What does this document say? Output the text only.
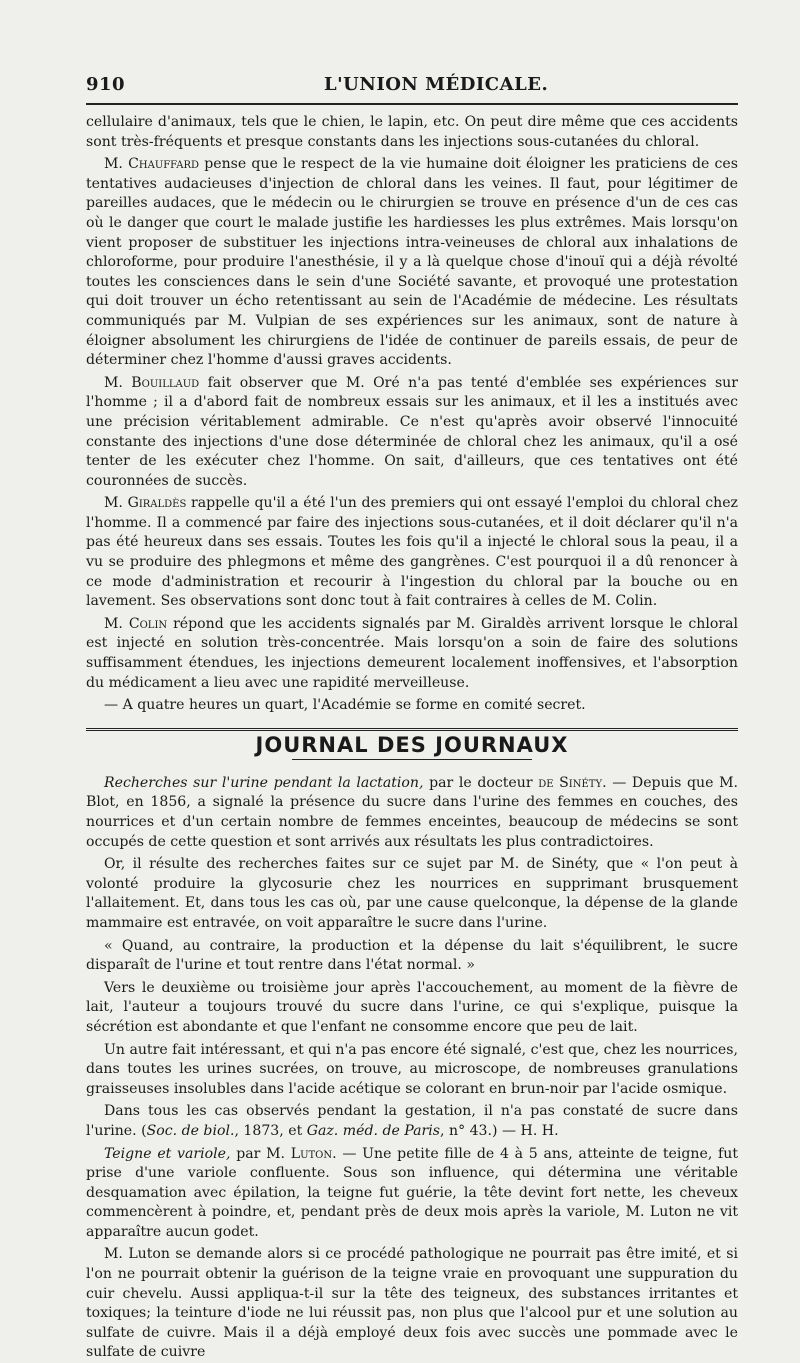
910	L'UNION MÉDICALE.

cellulaire d'animaux, tels que le chien, le lapin, etc. On peut dire même que ces accidents sont très-fréquents et presque constants dans les injections sous-cutanées du chloral.

M. Chauffard pense que le respect de la vie humaine doit éloigner les praticiens de ces tentatives audacieuses d'injection de chloral dans les veines. Il faut, pour légitimer de pareilles audaces, que le médecin ou le chirurgien se trouve en présence d'un de ces cas où le danger que court le malade justifie les hardiesses les plus extrêmes. Mais lorsqu'on vient proposer de substituer les injections intra-veineuses de chloral aux inhalations de chloroforme, pour produire l'anesthésie, il y a là quelque chose d'inouï qui a déjà révolté toutes les consciences dans le sein d'une Société savante, et provoqué une protestation qui doit trouver un écho retentissant au sein de l'Académie de médecine. Les résultats communiqués par M. Vulpian de ses expériences sur les animaux, sont de nature à éloigner absolument les chirurgiens de l'idée de continuer de pareils essais, de peur de déterminer chez l'homme d'aussi graves accidents.

M. Bouillaud fait observer que M. Oré n'a pas tenté d'emblée ses expériences sur l'homme ; il a d'abord fait de nombreux essais sur les animaux, et il les a institués avec une précision véritablement admirable. Ce n'est qu'après avoir observé l'innocuité constante des injections d'une dose déterminée de chloral chez les animaux, qu'il a osé tenter de les exécuter chez l'homme. On sait, d'ailleurs, que ces tentatives ont été couronnées de succès.

M. Giraldès rappelle qu'il a été l'un des premiers qui ont essayé l'emploi du chloral chez l'homme. Il a commencé par faire des injections sous-cutanées, et il doit déclarer qu'il n'a pas été heureux dans ses essais. Toutes les fois qu'il a injecté le chloral sous la peau, il a vu se produire des phlegmons et même des gangrènes. C'est pourquoi il a dû renoncer à ce mode d'administration et recourir à l'ingestion du chloral par la bouche ou en lavement. Ses observations sont donc tout à fait contraires à celles de M. Colin.

M. Colin répond que les accidents signalés par M. Giraldès arrivent lorsque le chloral est injecté en solution très-concentrée. Mais lorsqu'on a soin de faire des solutions suffisamment étendues, les injections demeurent localement inoffensives, et l'absorption du médicament a lieu avec une rapidité merveilleuse.

— A quatre heures un quart, l'Académie se forme en comité secret.

JOURNAL DES JOURNAUX

Recherches sur l'urine pendant la lactation, par le docteur de Sinéty. — Depuis que M. Blot, en 1856, a signalé la présence du sucre dans l'urine des femmes en couches, des nourrices et d'un certain nombre de femmes enceintes, beaucoup de médecins se sont occupés de cette question et sont arrivés aux résultats les plus contradictoires.

Or, il résulte des recherches faites sur ce sujet par M. de Sinéty, que « l'on peut à volonté produire la glycosurie chez les nourrices en supprimant brusquement l'allaitement. Et, dans tous les cas où, par une cause quelconque, la dépense de la glande mammaire est entravée, on voit apparaître le sucre dans l'urine.

« Quand, au contraire, la production et la dépense du lait s'équilibrent, le sucre disparaît de l'urine et tout rentre dans l'état normal. »

Vers le deuxième ou troisième jour après l'accouchement, au moment de la fièvre de lait, l'auteur a toujours trouvé du sucre dans l'urine, ce qui s'explique, puisque la sécrétion est abondante et que l'enfant ne consomme encore que peu de lait.

Un autre fait intéressant, et qui n'a pas encore été signalé, c'est que, chez les nourrices, dans toutes les urines sucrées, on trouve, au microscope, de nombreuses granulations graisseuses insolubles dans l'acide acétique se colorant en brun-noir par l'acide osmique.

Dans tous les cas observés pendant la gestation, il n'a pas constaté de sucre dans l'urine. (Soc. de biol., 1873, et Gaz. méd. de Paris, n° 43.) — H. H.

Teigne et variole, par M. Luton. — Une petite fille de 4 à 5 ans, atteinte de teigne, fut prise d'une variole confluente. Sous son influence, qui détermina une véritable desquamation avec épilation, la teigne fut guérie, la tête devint fort nette, les cheveux commencèrent à poindre, et, pendant près de deux mois après la variole, M. Luton ne vit apparaître aucun godet.

M. Luton se demande alors si ce procédé pathologique ne pourrait pas être imité, et si l'on ne pourrait obtenir la guérison de la teigne vraie en provoquant une suppuration du cuir chevelu. Aussi appliqua-t-il sur la tête des teigneux, des substances irritantes et toxiques; la teinture d'iode ne lui réussit pas, non plus que l'alcool pur et une solution au sulfate de cuivre. Mais il a déjà employé deux fois avec succès une pommade avec le sulfate de cuivre
